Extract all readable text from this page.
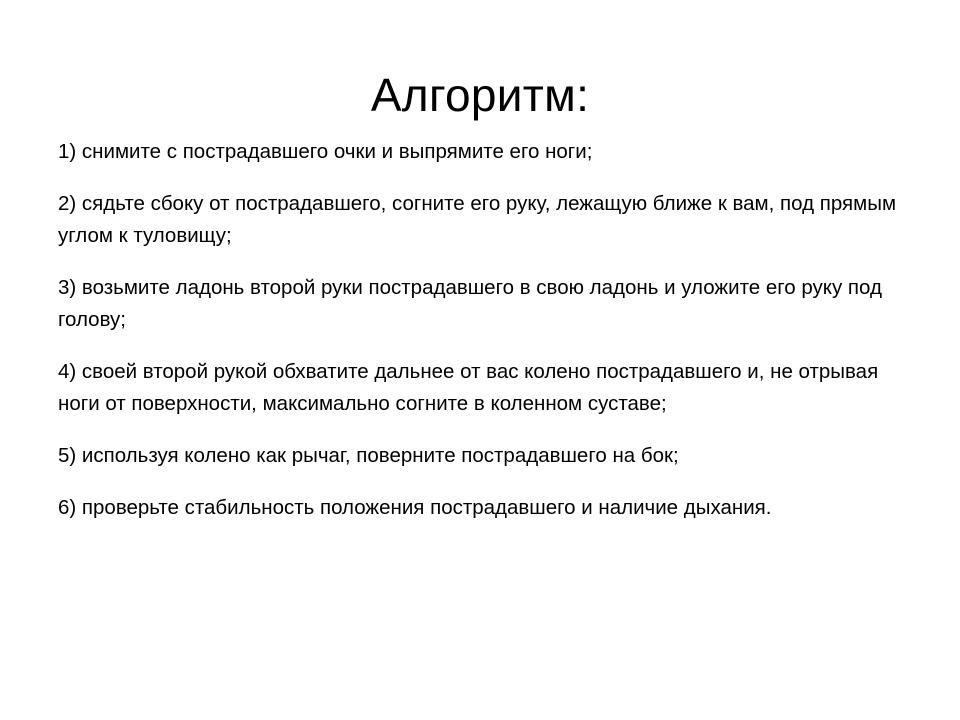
Алгоритм:
1) снимите с пострадавшего очки и выпрямите его ноги;
2) сядьте сбоку от пострадавшего, согните его руку, лежащую ближе к вам, под прямым углом к туловищу;
3) возьмите ладонь второй руки пострадавшего в свою ладонь и уложите его руку под голову;
4) своей второй рукой обхватите дальнее от вас колено пострадавшего и, не отрывая ноги от поверхности, максимально согните в коленном суставе;
5) используя колено как рычаг, поверните пострадавшего на бок;
6) проверьте стабильность положения пострадавшего и наличие дыхания.
